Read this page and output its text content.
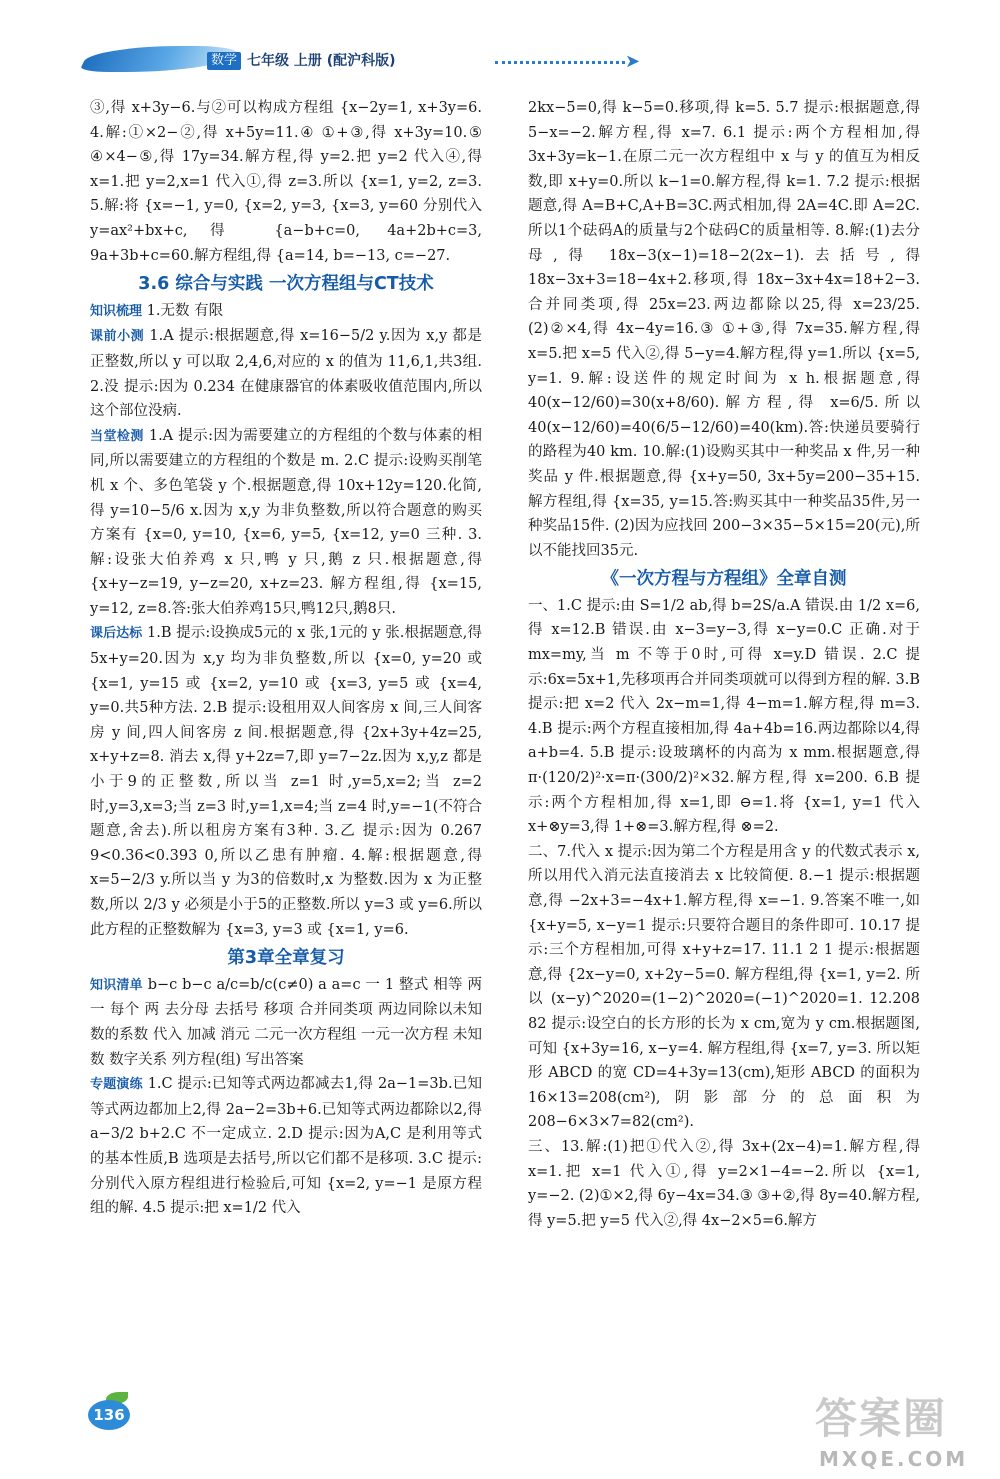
数学 七年级 上册 (配沪科版)	➤

③,得 x+3y−6.与②可以构成方程组 {x−2y=1, x+3y=6. 4.解:①×2−②,得 x+5y=11.④ ①+③,得 x+3y=10.⑤ ④×4−⑤,得 17y=34.解方程,得 y=2.把 y=2 代入④,得 x=1.把 y=2,x=1 代入①,得 z=3.所以 {x=1, y=2, z=3. 5.解:将 {x=−1, y=0, {x=2, y=3, {x=3, y=60 分别代入 y=ax²+bx+c,得 {a−b+c=0, 4a+2b+c=3, 9a+3b+c=60.解方程组,得 {a=14, b=−13, c=−27.

3.6 综合与实践 一次方程组与CT技术

知识梳理 1.无数 有限

课前小测 1.A 提示:根据题意,得 x=16−5/2 y.因为 x,y 都是正整数,所以 y 可以取 2,4,6,对应的 x 的值为 11,6,1,共3组. 2.没 提示:因为 0.234 在健康器官的体素吸收值范围内,所以这个部位没病.

当堂检测 1.A 提示:因为需要建立的方程组的个数与体素的相同,所以需要建立的方程组的个数是 m. 2.C 提示:设购买削笔机 x 个、多色笔袋 y 个.根据题意,得 10x+12y=120.化简,得 y=10−5/6 x.因为 x,y 为非负整数,所以符合题意的购买方案有 {x=0, y=10, {x=6, y=5, {x=12, y=0 三种. 3.解:设张大伯养鸡 x 只,鸭 y 只,鹅 z 只.根据题意,得 {x+y−z=19, y−z=20, x+z=23. 解方程组,得 {x=15, y=12, z=8.答:张大伯养鸡15只,鸭12只,鹅8只.

课后达标 1.B 提示:设换成5元的 x 张,1元的 y 张.根据题意,得 5x+y=20.因为 x,y 均为非负整数,所以 {x=0, y=20 或 {x=1, y=15 或 {x=2, y=10 或 {x=3, y=5 或 {x=4, y=0.共5种方法. 2.B 提示:设租用双人间客房 x 间,三人间客房 y 间,四人间客房 z 间.根据题意,得 {2x+3y+4z=25, x+y+z=8. 消去 x,得 y+2z=7,即 y=7−2z.因为 x,y,z 都是小于9的正整数,所以当 z=1 时,y=5,x=2;当 z=2 时,y=3,x=3;当 z=3 时,y=1,x=4;当 z=4 时,y=−1(不符合题意,舍去).所以租房方案有3种. 3.乙 提示:因为 0.267 9<0.36<0.393 0,所以乙患有肿瘤. 4.解:根据题意,得 x=5−2/3 y.所以当 y 为3的倍数时,x 为整数.因为 x 为正整数,所以 2/3 y 必须是小于5的正整数.所以 y=3 或 y=6.所以此方程的正整数解为 {x=3, y=3 或 {x=1, y=6.

第3章全章复习

知识清单 b−c b−c a/c=b/c(c≠0) a a=c 一 1 整式 相等 两 一 每个 两 去分母 去括号 移项 合并同类项 两边同除以未知数的系数 代入 加减 消元 二元一次方程组 一元一次方程 未知数 数字关系 列方程(组) 写出答案

专题演练 1.C 提示:已知等式两边都减去1,得 2a−1=3b.已知等式两边都加上2,得 2a−2=3b+6.已知等式两边都除以2,得 a−3/2 b+2.C 不一定成立. 2.D 提示:因为A,C 是利用等式的基本性质,B 选项是去括号,所以它们都不是移项. 3.C 提示:分别代入原方程组进行检验后,可知 {x=2, y=−1 是原方程组的解. 4.5 提示:把 x=1/2 代入

2kx−5=0,得 k−5=0.移项,得 k=5. 5.7 提示:根据题意,得 5−x=−2.解方程,得 x=7. 6.1 提示:两个方程相加,得 3x+3y=k−1.在原二元一次方程组中 x 与 y 的值互为相反数,即 x+y=0.所以 k−1=0.解方程,得 k=1. 7.2 提示:根据题意,得 A=B+C,A+B=3C.两式相加,得 2A=4C.即 A=2C.所以1个砝码A的质量与2个砝码C的质量相等. 8.解:(1)去分母,得 18x−3(x−1)=18−2(2x−1).去括号,得 18x−3x+3=18−4x+2.移项,得 18x−3x+4x=18+2−3.合并同类项,得 25x=23.两边都除以25,得 x=23/25. (2)②×4,得 4x−4y=16.③ ①+③,得 7x=35.解方程,得 x=5.把 x=5 代入②,得 5−y=4.解方程,得 y=1.所以 {x=5, y=1. 9.解:设送件的规定时间为 x h.根据题意,得 40(x−12/60)=30(x+8/60).解方程,得 x=6/5.所以 40(x−12/60)=40(6/5−12/60)=40(km).答:快递员要骑行的路程为40 km. 10.解:(1)设购买其中一种奖品 x 件,另一种奖品 y 件.根据题意,得 {x+y=50, 3x+5y=200−35+15. 解方程组,得 {x=35, y=15.答:购买其中一种奖品35件,另一种奖品15件. (2)因为应找回 200−3×35−5×15=20(元),所以不能找回35元.

《一次方程与方程组》全章自测

一、1.C 提示:由 S=1/2 ab,得 b=2S/a.A 错误.由 1/2 x=6,得 x=12.B 错误.由 x−3=y−3,得 x−y=0.C 正确.对于 mx=my,当 m 不等于0时,可得 x=y.D 错误. 2.C 提示:6x=5x+1,先移项再合并同类项就可以得到方程的解. 3.B 提示:把 x=2 代入 2x−m=1,得 4−m=1.解方程,得 m=3. 4.B 提示:两个方程直接相加,得 4a+4b=16.两边都除以4,得 a+b=4. 5.B 提示:设玻璃杯的内高为 x mm.根据题意,得 π·(120/2)²·x=π·(300/2)²×32.解方程,得 x=200. 6.B 提示:两个方程相加,得 x=1,即 ⊖=1.将 {x=1, y=1 代入 x+⊗y=3,得 1+⊗=3.解方程,得 ⊗=2.

二、7.代入 x 提示:因为第二个方程是用含 y 的代数式表示 x,所以用代入消元法直接消去 x 比较简便. 8.−1 提示:根据题意,得 −2x+3=−4x+1.解方程,得 x=−1. 9.答案不唯一,如 {x+y=5, x−y=1 提示:只要符合题目的条件即可. 10.17 提示:三个方程相加,可得 x+y+z=17. 11.1 2 1 提示:根据题意,得 {2x−y=0, x+2y−5=0. 解方程组,得 {x=1, y=2. 所以 (x−y)^2020=(1−2)^2020=(−1)^2020=1. 12.208 82 提示:设空白的长方形的长为 x cm,宽为 y cm.根据题图,可知 {x+3y=16, x−y=4. 解方程组,得 {x=7, y=3. 所以矩形 ABCD 的宽 CD=4+3y=13(cm),矩形 ABCD 的面积为 16×13=208(cm²),阴影部分的总面积为 208−6×3×7=82(cm²).

三、13.解:(1)把①代入②,得 3x+(2x−4)=1.解方程,得 x=1.把 x=1 代入①,得 y=2×1−4=−2.所以 {x=1, y=−2. (2)①×2,得 6y−4x=34.③ ③+②,得 8y=40.解方程,得 y=5.把 y=5 代入②,得 4x−2×5=6.解方

136	答案圈
MXQE.COM
